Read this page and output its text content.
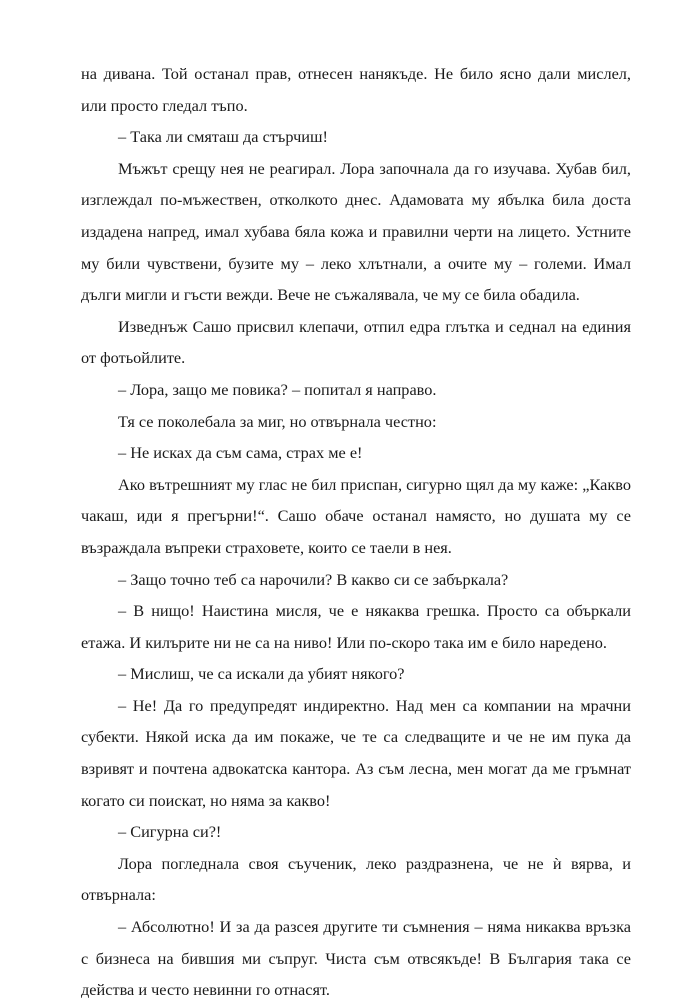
на дивана. Той останал прав, отнесен нанякъде. Не било ясно дали мислел, или просто гледал тъпо.

– Така ли смяташ да стърчиш!

Мъжът срещу нея не реагирал. Лора започнала да го изучава. Хубав бил, изглеждал по-мъжествен, отколкото днес. Адамовата му ябълка била доста издадена напред, имал хубава бяла кожа и правилни черти на лицето. Устните му били чувствени, бузите му – леко хлътнали, а очите му – големи. Имал дълги мигли и гъсти вежди. Вече не съжалявала, че му се била обадила.

Изведнъж Сашо присвил клепачи, отпил едра глътка и седнал на единия от фотьойлите.

– Лора, защо ме повика? – попитал я направо.

Тя се поколебала за миг, но отвърнала честно:

– Не исках да съм сама, страх ме е!

Ако вътрешният му глас не бил приспан, сигурно щял да му каже: „Какво чакаш, иди я прегърни!“. Сашо обаче останал намясто, но душата му се възраждала въпреки страховете, които се таели в нея.

– Защо точно теб са нарочили? В какво си се забъркала?

– В нищо! Наистина мисля, че е някаква грешка. Просто са объркали етажа. И килърите ни не са на ниво! Или по-скоро така им е било наредено.

– Мислиш, че са искали да убият някого?

– Не! Да го предупредят индиректно. Над мен са компании на мрачни субекти. Някой иска да им покаже, че те са следващите и че не им пука да взривят и почтена адвокатска кантора. Аз съм лесна, мен могат да ме гръмнат когато си поискат, но няма за какво!

– Сигурна си?!

Лора погледнала своя съученик, леко раздразнена, че не ѝ вярва, и отвърнала:

– Абсолютно! И за да разсея другите ти съмнения – няма никаква връзка с бизнеса на бившия ми съпруг. Чиста съм отвсякъде! В България така се действа и често невинни го отнасят.
